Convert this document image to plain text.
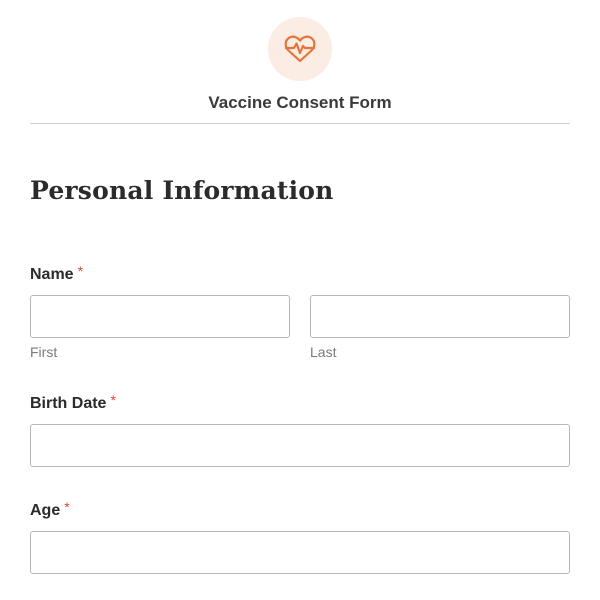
Vaccine Consent Form
Personal Information
Name *
First	Last
Birth Date *
Age *
